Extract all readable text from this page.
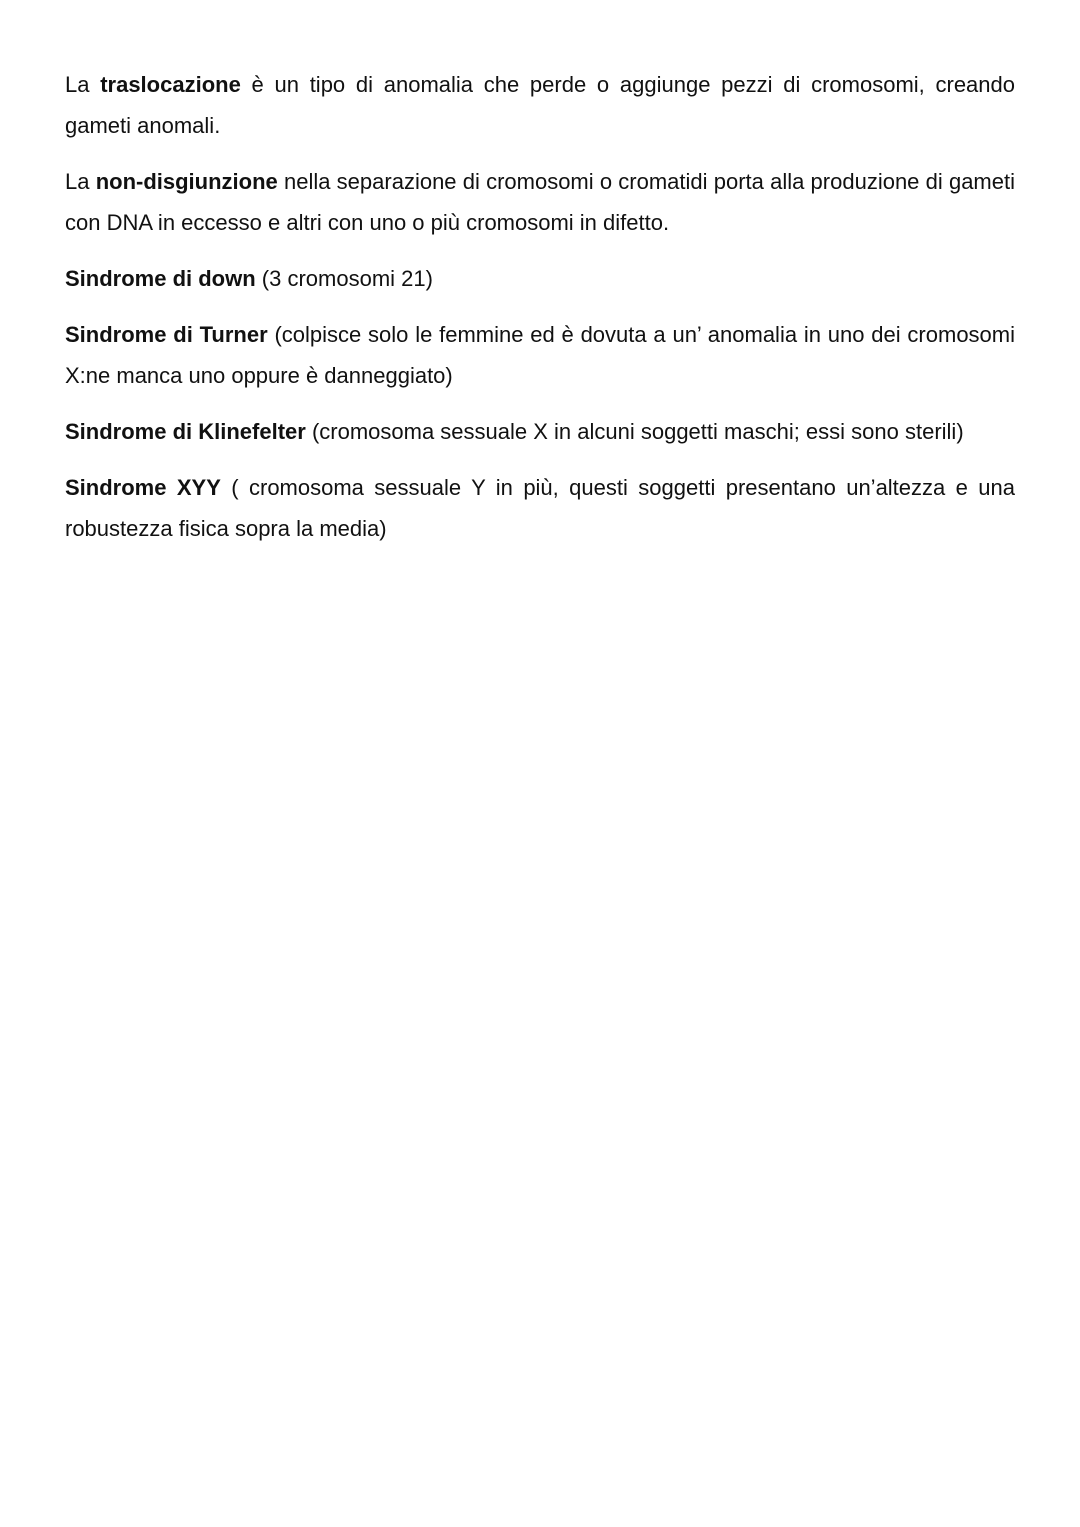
La traslocazione è un tipo di anomalia che perde o aggiunge pezzi di cromosomi, creando gameti anomali.

La non-disgiunzione nella separazione di cromosomi o cromatidi porta alla produzione di gameti con DNA in eccesso e altri con uno o più cromosomi in difetto.

Sindrome di down (3 cromosomi 21)

Sindrome di Turner (colpisce solo le femmine ed è dovuta a un’ anomalia in uno dei cromosomi X:ne manca uno oppure è danneggiato)

Sindrome di Klinefelter (cromosoma sessuale X in alcuni soggetti maschi; essi sono sterili)

Sindrome XYY ( cromosoma sessuale Y in più, questi soggetti presentano un’altezza e una robustezza fisica sopra la media)
